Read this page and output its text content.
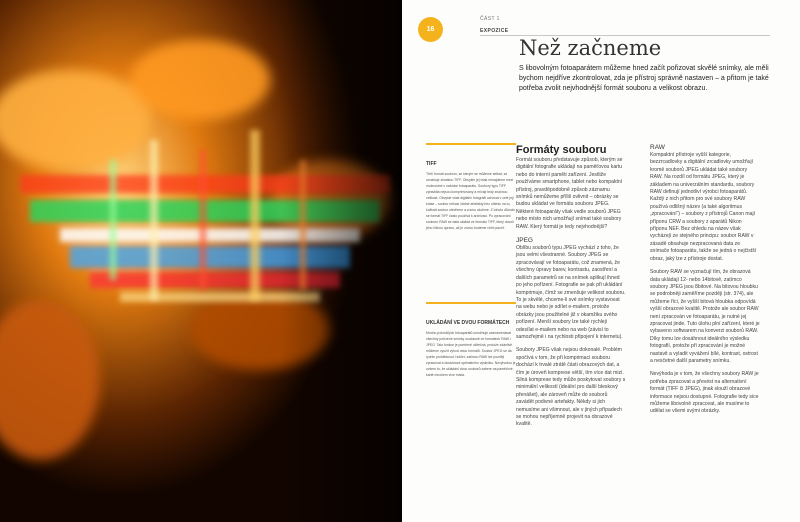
16
ČÁST 1
EXPOZICE
Než začneme

S libovolným fotoaparátem můžeme hned začít pořizovat skvělé snímky, ale měli bychom nejdříve zkontrolovat, zda je přístroj správně nastaven – a přitom je také potřeba zvolit nejvhodnější formát souboru a velikost obrazu.

TIFF

Třetí formát souboru, se kterým se můžeme setkat, se označuje zkratkou TIFF. Obvykle jej však nenajdeme mezi možnostmi v nabídce fotoaparátu. Soubory typu TIFF zpravidla nejsou komprimovány a mívají tedy značnou velikost. Obvykle však digitální fotografii uchovat v celé její kráse – soubor nekazí žádné artefakty bez ohledu na to, kolikrát soubor otevřeme a znovu uložíme. Z tohoto důvodu se formát TIFF často používá k archivaci. Po zpracování souboru RAW se data ukládá ve formátu TIFF, který dovolí jeho řídkou úpravu, až je znovu budeme chtít použít.

UKLÁDÁNÍ VE DVOU FORMÁTECH

Mnoho pokročilých fotoaparátů umožňuje zaznamenávat všechny pořízené snímky současně ve formátech RAW i JPEG. Tato funkce je poměrně užitečná, protože zdánlivě můžeme využít výhod obou formátů. Soubor JPEG se dá rychle prohlédnout i sdílet, zatímco RAW lze později zpracovat a dosáhnout optimálního výsledku. Nevýhodou je ovšem to, že ukládání dvou souborů zabere na paměťové kartě mnohem více místa.

Formáty souboru

Formát souboru představuje způsob, kterým se digitální fotografie ukládají na paměťovou kartu nebo do interní paměti zařízení. Jestliže používáme smartphone, tablet nebo kompaktní přístroj, pravděpodobně způsob záznamu snímků nemůžeme příliš ovlivnit – obrázky se budou ukládat ve formátu souboru JPEG. Některé fotoaparáty však vedle souborů JPEG nebo místo nich umožňují snímat také soubory RAW. Který formát je tedy nejvhodnější?

JPEG

Oblíbu souborů typu JPEG vychází z toho, že jsou velmi všestranné. Soubory JPEG se zpracovávají ve fotoaparátu, což znamená, že všechny úpravy barev, kontrastu, zaostření a dalších parametrů se na snímek aplikují ihned po jeho pořízení. Fotografie se pak při ukládání komprimuje, čímž se zmenšuje velikost souboru. To je skvělé, chceme-li své snímky vystavovat na webu nebo je sdílet e-mailem, protože obrázky jsou použitelné již v okamžiku svého pořízení. Menší soubory lze také rychleji odesílat e-mailem nebo na web (závisí to samozřejmě i na rychlosti připojení k internetu).

Soubory JPEG však nejsou dokonalé. Problém spočívá v tom, že při komprimaci souboru dochází k trvalé ztrátě části obrazových dat, a čím je úroveň komprese větší, tím více dat mizí. Silná komprese tedy může poskytovat soubory s minimální velikostí (ideální pro další bleskový přenášet), ale zároveň může do souborů zavádět podivné artefakty. Někdy si jich nemusíme ani všimnout, ale v jiných případech se mohou nepříjemně projevit na obrazové kvalitě.

RAW

Kompaktní přístroje vyšší kategorie, bezzrcadlovky a digitální zrcadlovky umožňují kromě souborů JPEG ukládat také soubory RAW. Na rozdíl od formátu JPEG, který je základem na univerzálním standardu, soubory RAW definují jednotliví výrobci fotoaparátů. Každý z nich přitom pro své soubory RAW používá odlišný název (a také algoritmus „zpracování“) – soubory z přístrojů Canon mají příponu CRW a soubory z aparátů Nikon příponu NEF. Bez ohledu na název však vycházejí ze stejného principu: soubor RAW v zásadě obsahuje nezpracovaná data ze snímače fotoaparátu, takže se jedná o nejčistší obraz, jaký lze z přístroje dostat.

Soubory RAW se vyznačují tím, že obrazová data ukládají 12- nebo 14bitově, zatímco soubory JPEG jsou 8bitové. Na bitovou hloubku se podrobněji zaměříme později (str. 374), ale můžeme říci, že vyšší bitová hloubka odpovídá vyšší obrazové kvalitě. Protože ale soubor RAW není zpracován ve fotoaparátu, je nutné jej zpracovat jinde. Tuto úlohu plní zařízení, které je vybaveno softwarem na konverzi souborů RAW. Díky tomu lze dosáhnout ideálního výsledku fotografií, protože při zpracování je možné nastavit a vyladit vyvážení bílé, kontrast, ostrost a nesčetné další parametry snímku.

Nevýhoda je v tom, že všechny soubory RAW je potřeba zpracovat a převést na alternativní formát (TIFF či JPEG), jinak slouží obrazové informace nejsou dostupné. Fotografie tedy sice můžeme libovolně zpracovat, ale musíme to udělat se všemi svými obrázky.
